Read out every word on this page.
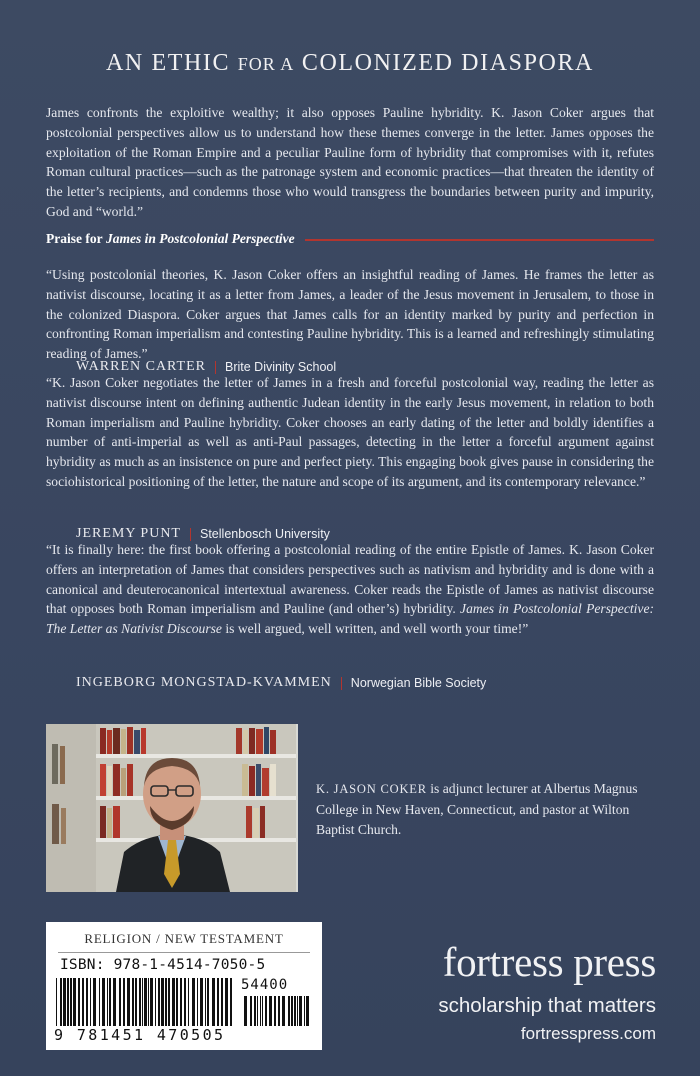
AN ETHIC FOR A COLONIZED DIASPORA
James confronts the exploitive wealthy; it also opposes Pauline hybridity. K. Jason Coker argues that postcolonial perspectives allow us to understand how these themes converge in the letter. James opposes the exploitation of the Roman Empire and a peculiar Pauline form of hybridity that compromises with it, refutes Roman cultural practices—such as the patronage system and economic practices—that threaten the identity of the letter’s recipients, and condemns those who would transgress the boundaries between purity and impurity, God and “world.”
Praise for
James in Postcolonial Perspective
“Using postcolonial theories, K. Jason Coker offers an insightful reading of James. He frames the letter as nativist discourse, locating it as a letter from James, a leader of the Jesus movement in Jerusalem, to those in the colonized Diaspora. Coker argues that James calls for an identity marked by purity and perfection in confronting Roman imperialism and contesting Pauline hybridity. This is a learned and refreshingly stimulating reading of James.”
WARREN CARTER Brite Divinity School
“K. Jason Coker negotiates the letter of James in a fresh and forceful postcolonial way, reading the letter as nativist discourse intent on defining authentic Judean identity in the early Jesus movement, in relation to both Roman imperialism and Pauline hybridity. Coker chooses an early dating of the letter and boldly identifies a number of anti-imperial as well as anti-Paul passages, detecting in the letter a forceful argument against hybridity as much as an insistence on pure and perfect piety. This engaging book gives pause in considering the sociohistorical positioning of the letter, the nature and scope of its argument, and its contemporary relevance.”
JEREMY PUNT Stellenbosch University
“It is finally here: the first book offering a postcolonial reading of the entire Epistle of James. K. Jason Coker offers an interpretation of James that considers perspectives such as nativism and hybridity and is done with a canonical and deuterocanonical intertextual awareness. Coker reads the Epistle of James as nativist discourse that opposes both Roman imperialism and Pauline (and other’s) hybridity. James in Postcolonial Perspective: The Letter as Nativist Discourse is well argued, well written, and well worth your time!”
INGEBORG MONGSTAD-KVAMMEN Norwegian Bible Society
K. JASON COKER is adjunct lecturer at Albertus Magnus College in New Haven, Connecticut, and pastor at Wilton Baptist Church.
RELIGION / NEW TESTAMENT
ISBN: 978-1-4514-7050-5
54400
9 781451 470505
fortress press
scholarship that matters
fortresspress.com
